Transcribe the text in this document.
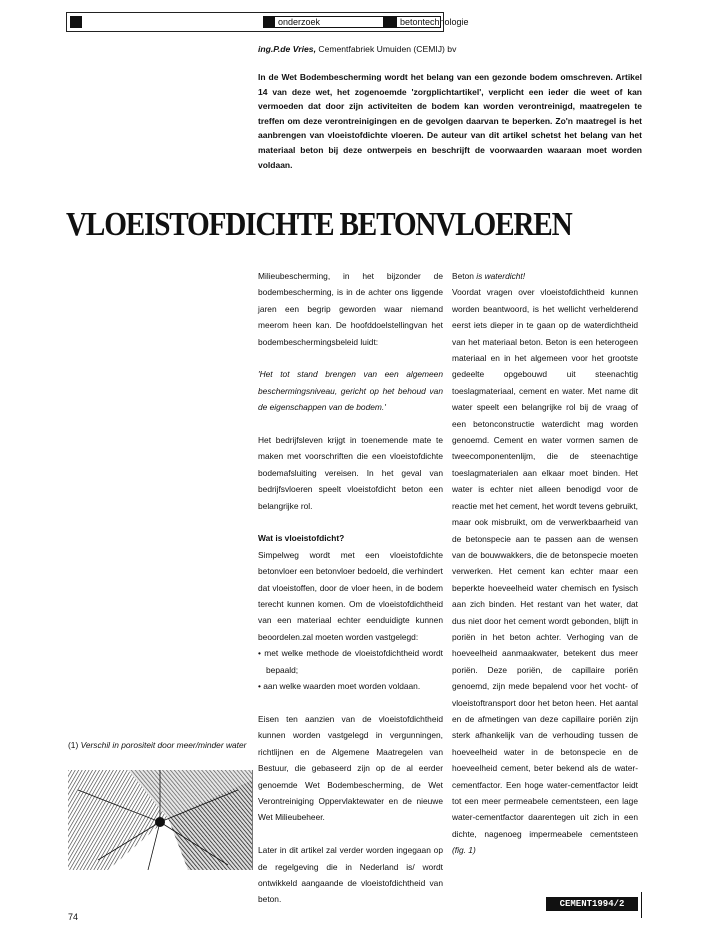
onderzoek	betontechnologie
ing.P.de Vries, Cementfabriek Umuiden (CEMIJ) bv
In de Wet Bodembescherming wordt het belang van een gezonde bodem omschreven. Artikel 14 van deze wet, het zogenoemde 'zorgplichtartikel', verplicht een ieder die weet of kan vermoeden dat door zijn activiteiten de bodem kan worden verontreinigd, maatregelen te treffen om deze verontreinigingen en de gevolgen daarvan te beperken. Zo'n maatregel is het aanbrengen van vloeistofdichte vloeren. De auteur van dit artikel schetst het belang van het materiaal beton bij deze ontwerpeis en beschrijft de voorwaarden waaraan moet worden voldaan.
VLOEISTOFDICHTE BETONVLOEREN

Milieubescherming, in het bijzonder de bodembescherming, is in de achter ons liggende jaren een begrip geworden waar niemand meerom heen kan. De hoofddoelstellingvan het bodembeschermingsbeleid luidt:

'Het tot stand brengen van een algemeen beschermingsniveau, gericht op het behoud van de eigenschappen van de bodem.'

Het bedrijfsleven krijgt in toenemende mate te maken met voorschriften die een vloeistofdichte bodemafsluiting vereisen. In het geval van bedrijfsvloeren speelt vloeistofdicht beton een belangrijke rol.

Wat is vloeistofdicht?

Simpelweg wordt met een vloeistofdichte betonvloer een betonvloer bedoeld, die verhindert dat vloeistoffen, door de vloer heen, in de bodem terecht kunnen komen. Om de vloeistofdichtheid van een materiaal echter eenduidigte kunnen beoordelen.zal moeten worden vastgelegd:

• met welke methode de vloeistofdichtheid wordt bepaald;
• aan welke waarden moet worden voldaan.

Eisen ten aanzien van de vloeistofdichtheid kunnen worden vastgelegd in vergunningen, richtlijnen en de Algemene Maatregelen van Bestuur, die gebaseerd zijn op de al eerder genoemde Wet Bodembescherming, de Wet Verontreiniging Oppervlaktewater en de nieuwe Wet Milieubeheer.

Later in dit artikel zal verder worden ingegaan op de regelgeving die in Nederland is/ wordt ontwikkeld aangaande de vloeistofdichtheid van beton.

Beton is waterdicht!

Voordat vragen over vloeistofdichtheid kunnen worden beantwoord, is het wellicht verhelderend eerst iets dieper in te gaan op de waterdichtheid van het materiaal beton. Beton is een heterogeen materiaal en in het algemeen voor het grootste gedeelte opgebouwd uit steenachtig toeslagmateriaal, cement en water. Met name dit water speelt een belangrijke rol bij de vraag of een betonconstructie waterdicht mag worden genoemd. Cement en water vormen samen de tweecomponentenlijm, die de steenachtige toeslagmaterialen aan elkaar moet binden. Het water is echter niet alleen benodigd voor de reactie met het cement, het wordt tevens gebruikt, maar ook misbruikt, om de verwerkbaarheid van de betonspecie aan te passen aan de wensen van de bouwwakkers, die de betonspecie moeten verwerken. Het cement kan echter maar een beperkte hoeveelheid water chemisch en fysisch aan zich binden. Het restant van het water, dat dus niet door het cement wordt gebonden, blijft in poriën in het beton achter. Verhoging van de hoeveelheid aanmaakwater, betekent dus meer poriën. Deze poriën, de capillaire poriën genoemd, zijn mede bepalend voor het vocht- of vloeistoftransport door het beton heen. Het aantal en de afmetingen van deze capillaire poriën zijn sterk afhankelijk van de verhouding tussen de hoeveelheid water in de betonspecie en de hoeveelheid cement, beter bekend als de water-cementfactor. Een hoge water-cementfactor leidt tot een meer permeabele cementsteen, een lage water-cementfactor daarentegen uit zich in een dichte, nagenoeg impermeabele cementsteen (fig. 1)

(1) Verschil in porositeit door meer/minder water
74
CEMENT1994/2
